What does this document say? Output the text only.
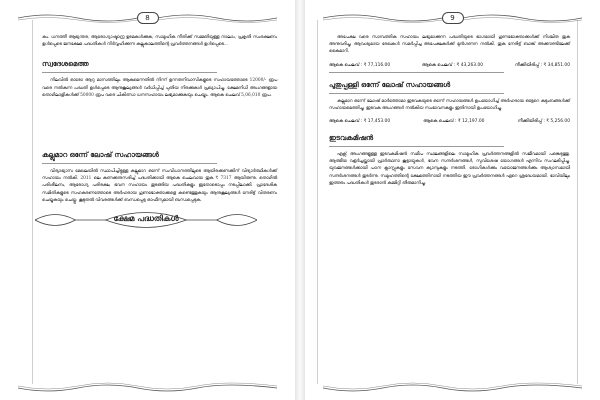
8
കം. ധനത്തീ ആഭ്യന്തര, ആരോഗ്യാഷ്ടാന്ദ്ര ഉടമകൾക്കുക, സാമൂഹിക നീതിക്ക് സമ്മതിയുള്ള നാലാം, പ്രകൃതി സംരക്ഷണം ഉൾപ്പെടെ ജനക്ഷേമ പദ്ധതികൾ നിർവ്വഹിക്കുന്ന കല്ലുകാലത്തിന്റെ പ്രവർത്തനങ്ങൾ ഉൾപ്പെടെ...
സ്വദേശമെത്ത
നിലവിൽ ഓരോ ആറു മാസത്തിലും ആകുമെന്നതിൽ നിന്ന് ഉന്നതനിവാസികളുടെ സഹായത്തോടെ 12000/- രൂപ വരെ നൽകുന്ന പദ്ധതി ഉൾപ്പെടെ ആനുകൂല്യങ്ങൾ വർധിപ്പിച്ച് പുതിയ നിരക്കുകൾ പ്രഖ്യാപിച്ചു. ക്ഷേമനിധി അംഗങ്ങളായ തൊഴിലാളികൾക്ക് 50000 രൂപ വരെ ചികിത്സാ ധനസഹായം ലഭ്യമാക്കുകയും ചെയ്യും. ആകെ ചെലവ് 5,06,010 രൂപ.
കല്ലുമാറ ഒന്നേ് ലോഷ് സഹായങ്ങൾ
വിദ്യാഭ്യാസ മേഖലയിൽ സ്ഥാപിച്ചിട്ടുള്ള കല്ലുമാറ ഒന്നേ് സംവിധാനത്തിലൂടെ ആയിരക്കണക്കിന് വിദ്യാർത്ഥികൾക്ക് സഹായം നൽകി. 2011 ലെ കണക്കനുസരിച്ച് പദ്ധതിക്കായി ആകെ ചെലവായ തുക ₹ 7317 ആയിരുന്നു. തൊഴിൽ പരിശീലനം, ആരോഗ്യ പരിരക്ഷ, ഭവന സഹായം തുടങ്ങിയ പദ്ധതികളും ഇതോടൊപ്പം നടപ്പിലാക്കി. പ്രാദേശിക സമിതികളുടെ സഹകരണത്തോടെ അർഹരായ ഗുണഭോക്താക്കളെ കണ്ടെത്തുകയും ആനുകൂല്യങ്ങൾ നേരിട്ട് വിതരണം ചെയ്യുകയും ചെയ്തു. കൂടുതൽ വിവരങ്ങൾക്ക് ബന്ധപ്പെട്ട ഓഫീസുമായി ബന്ധപ്പെടുക.
ക്ഷേമ പദ്ധതികൾ
9
അപേക്ഷ വരെ സാമ്പത്തിക സഹായം ലഭ്യമാക്കുന്ന പദ്ധതിയുടെ ഭാഗമായി ഗുണഭോക്താക്കൾക്ക് നിശ്ചിത തുക അനുവദിച്ചു. ആവശ്യമായ രേഖകൾ സമർപ്പിച്ച അപേക്ഷകർക്ക് മുൻഗണന നൽകി. തുക നേരിട്ട് ബാങ്ക് അക്കൗണ്ടിലേക്ക് കൈമാറി.
ആകെ ചെലവ് : ₹ 77,116.00	ആകെ ചെലവ് : ₹ 43,263.00	നീക്കിയിരിപ്പ് : ₹ 34,851.00
പുതുപ്പള്ളി ഒന്നേ് ലോഷ് സഹായങ്ങൾ
കല്ലുമാറ ഒന്നേ് ലോഷ് മാർത്തോമാ ഇടവകയുടെ ഒന്നേ് സഹായങ്ങൾ ഉപയോഗിച്ച് അർഹരായ ഒട്ടേറെ കുടുംബങ്ങൾക്ക് സഹായമെത്തിച്ചു. ഇടവക അംഗങ്ങൾ നൽകിയ സംഭാവനകളും ഇതിനായി ഉപയോഗിച്ചു.
ആകെ ചെലവ് : ₹ 17,453.00	ആകെ ചെലവ് : ₹ 12,197.00	നീക്കിയിരിപ്പ് : ₹ 5,256.00
ഇടവകമിഷൻ
എക്സ് അംഗങ്ങളുള്ള ഇടവകമിഷൻ സമീപ സ്ഥലങ്ങളിലെ സാമൂഹിക പ്രവർത്തനങ്ങളിൽ സജീവമായി പങ്കെടുത്തു. ആത്മീയ വളർച്ചയ്ക്കായി പ്രാർത്ഥനാ കൂട്ടായ്മകൾ, ഭവന സന്ദർശനങ്ങൾ, സുവിശേഷ യോഗങ്ങൾ എന്നിവ സംഘടിപ്പിച്ചു. യുവജനങ്ങൾക്കായി പഠന ക്ലാസ്സുകളും സേവന ക്യാമ്പുകളും നടത്തി. രോഗികൾക്കും വയോജനങ്ങൾക്കും ആശ്വാസമായി സന്ദർശനങ്ങൾ തുടർന്നു. സമൂഹത്തിന്റെ ക്ഷേമത്തിനായി നടത്തിയ ഈ പ്രവർത്തനങ്ങൾ ഏറെ ശ്രദ്ധേയമായി. ഭാവിയിലും ഇത്തരം പദ്ധതികൾ തുടരാൻ കമ്മിറ്റി തീരുമാനിച്ചു.
